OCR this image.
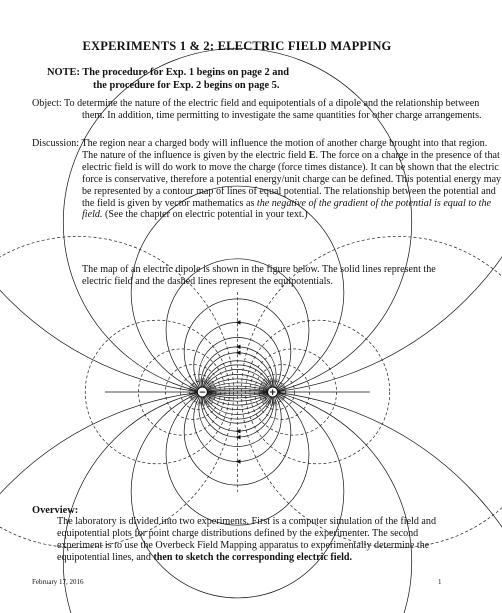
EXPERIMENTS 1 & 2: ELECTRIC FIELD MAPPING
NOTE: The procedure for Exp. 1 begins on page 2 and
the procedure for Exp. 2 begins on page 5.
Object: To determine the nature of the electric field and equipotentials of a dipole and the relationship between them. In addition, time permitting to investigate the same quantities for other charge arrangements.
Discussion: The region near a charged body will influence the motion of another charge brought into that region. The nature of the influence is given by the electric field E. The force on a charge in the presence of that electric field is will do work to move the charge (force times distance). It can be shown that the electric force is conservative, therefore a potential energy/unit charge can be defined. This potential energy may be represented by a contour map of lines of equal potential. The relationship between the potential and the field is given by vector mathematics as the negative of the gradient of the potential is equal to the field. (See the chapter on electric potential in your text.)
The map of an electric dipole is shown in the figure below. The solid lines represent the electric field and the dashed lines represent the equipotentials.
−	+
Overview:
The laboratory is divided into two experiments. First is a computer simulation of the field and equipotential plots for point charge distributions defined by the experimenter. The second experiment is to use the Overbeck Field Mapping apparatus to experimentally determine the equipotential lines, and then to sketch the corresponding electric field.
February 17, 2016	1
